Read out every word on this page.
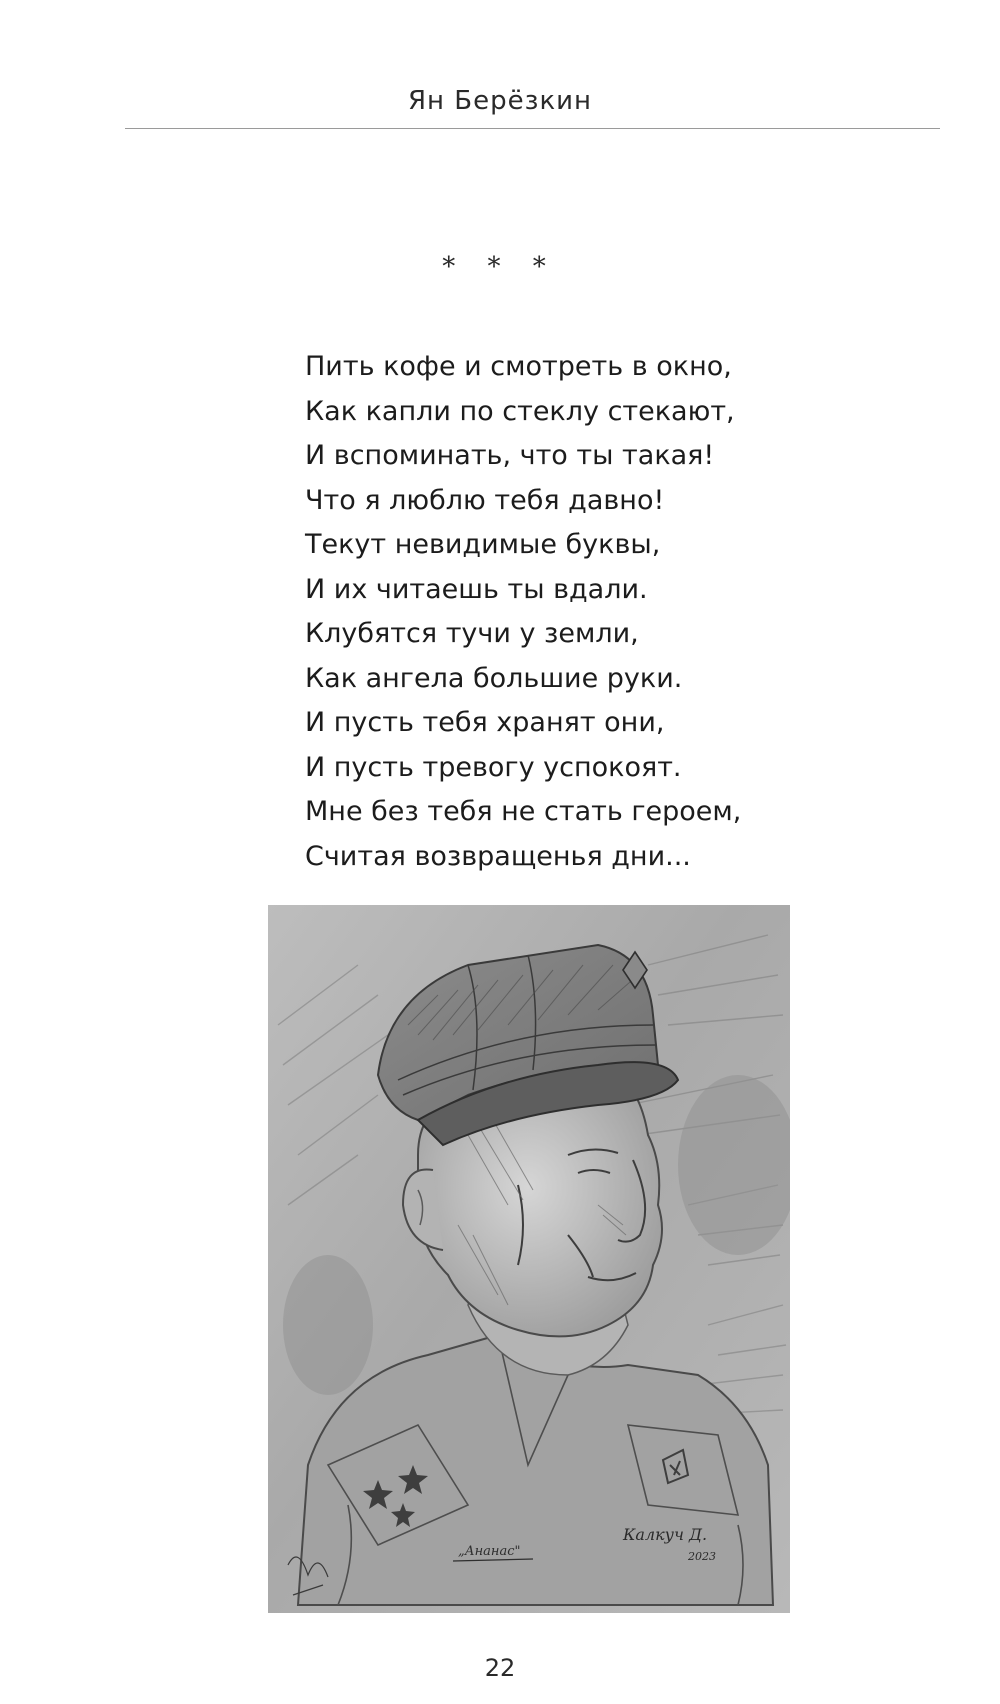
Ян Берёзкин
* * *
Пить кофе и смотреть в окно,
Как капли по стеклу стекают,
И вспоминать, что ты такая!
Что я люблю тебя давно!
Текут невидимые буквы,
И их читаешь ты вдали.
Клубятся тучи у земли,
Как ангела большие руки.
И пусть тебя хранят они,
И пусть тревогу успокоят.
Мне без тебя не стать героем,
Считая возвращенья дни...
„Ананас"
Калкуч Д.
2023
22
